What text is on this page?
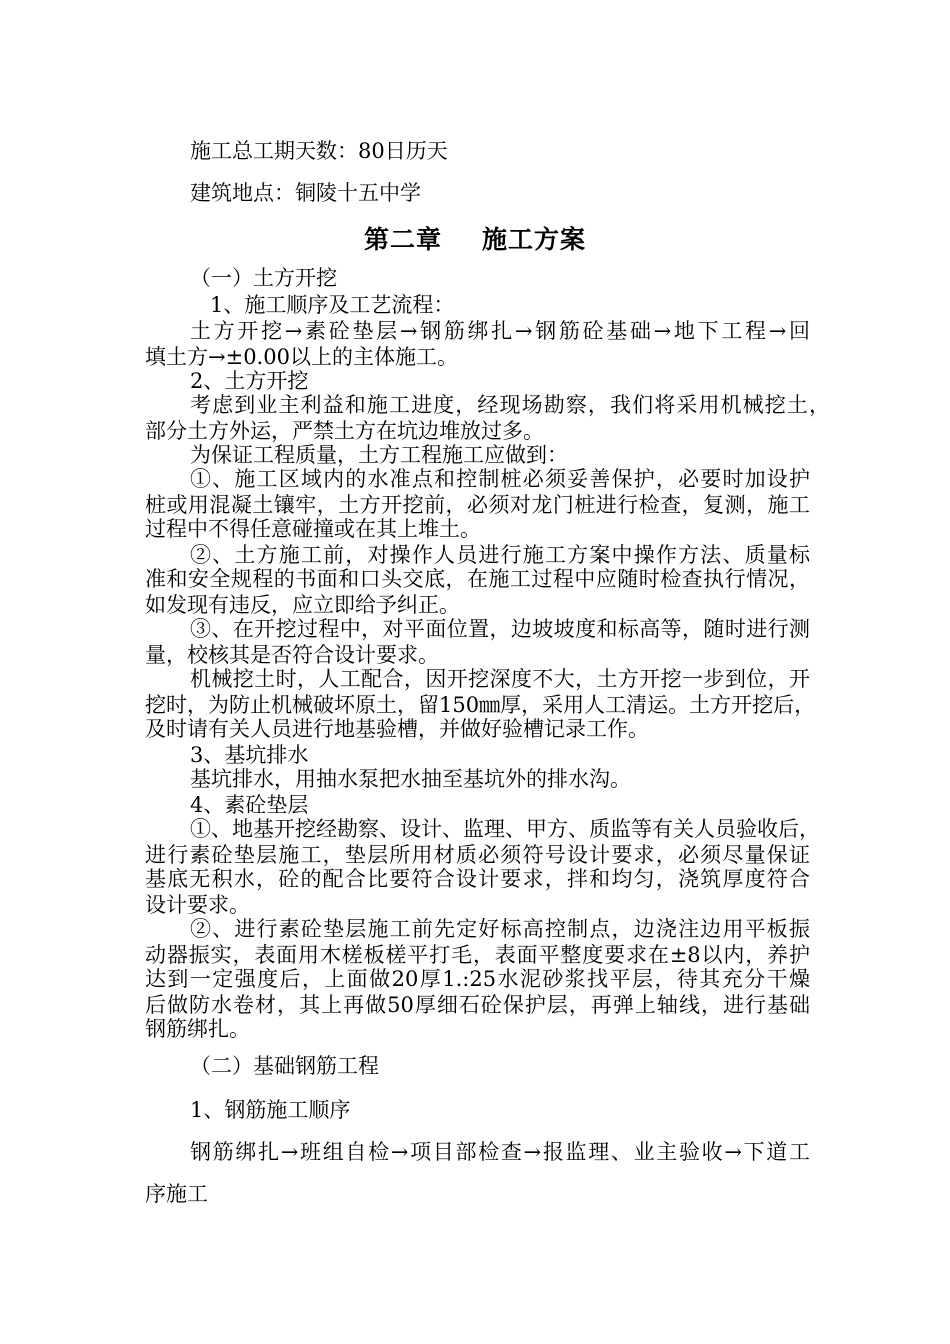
施工总工期天数：80日历天
建筑地点：铜陵十五中学
第二章 施工方案
（一）土方开挖
1、施工顺序及工艺流程：
土方开挖→素砼垫层→钢筋绑扎→钢筋砼基础→地下工程→回
填土方→±0.00以上的主体施工。
2、土方开挖
考虑到业主利益和施工进度，经现场勘察，我们将采用机械挖土，
部分土方外运，严禁土方在坑边堆放过多。
为保证工程质量，土方工程施工应做到：
①、施工区域内的水准点和控制桩必须妥善保护，必要时加设护
桩或用混凝土镶牢，土方开挖前，必须对龙门桩进行检查，复测，施工
过程中不得任意碰撞或在其上堆土。
②、土方施工前，对操作人员进行施工方案中操作方法、质量标
准和安全规程的书面和口头交底，在施工过程中应随时检查执行情况，
如发现有违反，应立即给予纠正。
③、在开挖过程中，对平面位置，边坡坡度和标高等，随时进行测
量，校核其是否符合设计要求。
机械挖土时，人工配合，因开挖深度不大，土方开挖一步到位，开
挖时，为防止机械破坏原土，留150㎜厚，采用人工清运。土方开挖后，
及时请有关人员进行地基验槽，并做好验槽记录工作。
3、基坑排水
基坑排水，用抽水泵把水抽至基坑外的排水沟。
4、素砼垫层
①、地基开挖经勘察、设计、监理、甲方、质监等有关人员验收后，
进行素砼垫层施工，垫层所用材质必须符号设计要求，必须尽量保证
基底无积水，砼的配合比要符合设计要求，拌和均匀，浇筑厚度符合
设计要求。
②、进行素砼垫层施工前先定好标高控制点，边浇注边用平板振
动器振实，表面用木槎板槎平打毛，表面平整度要求在±8以内，养护
达到一定强度后，上面做20厚1.:25水泥砂浆找平层，待其充分干燥
后做防水卷材，其上再做50厚细石砼保护层，再弹上轴线，进行基础
钢筋绑扎。
（二）基础钢筋工程
1、钢筋施工顺序
钢筋绑扎→班组自检→项目部检查→报监理、业主验收→下道工
序施工
